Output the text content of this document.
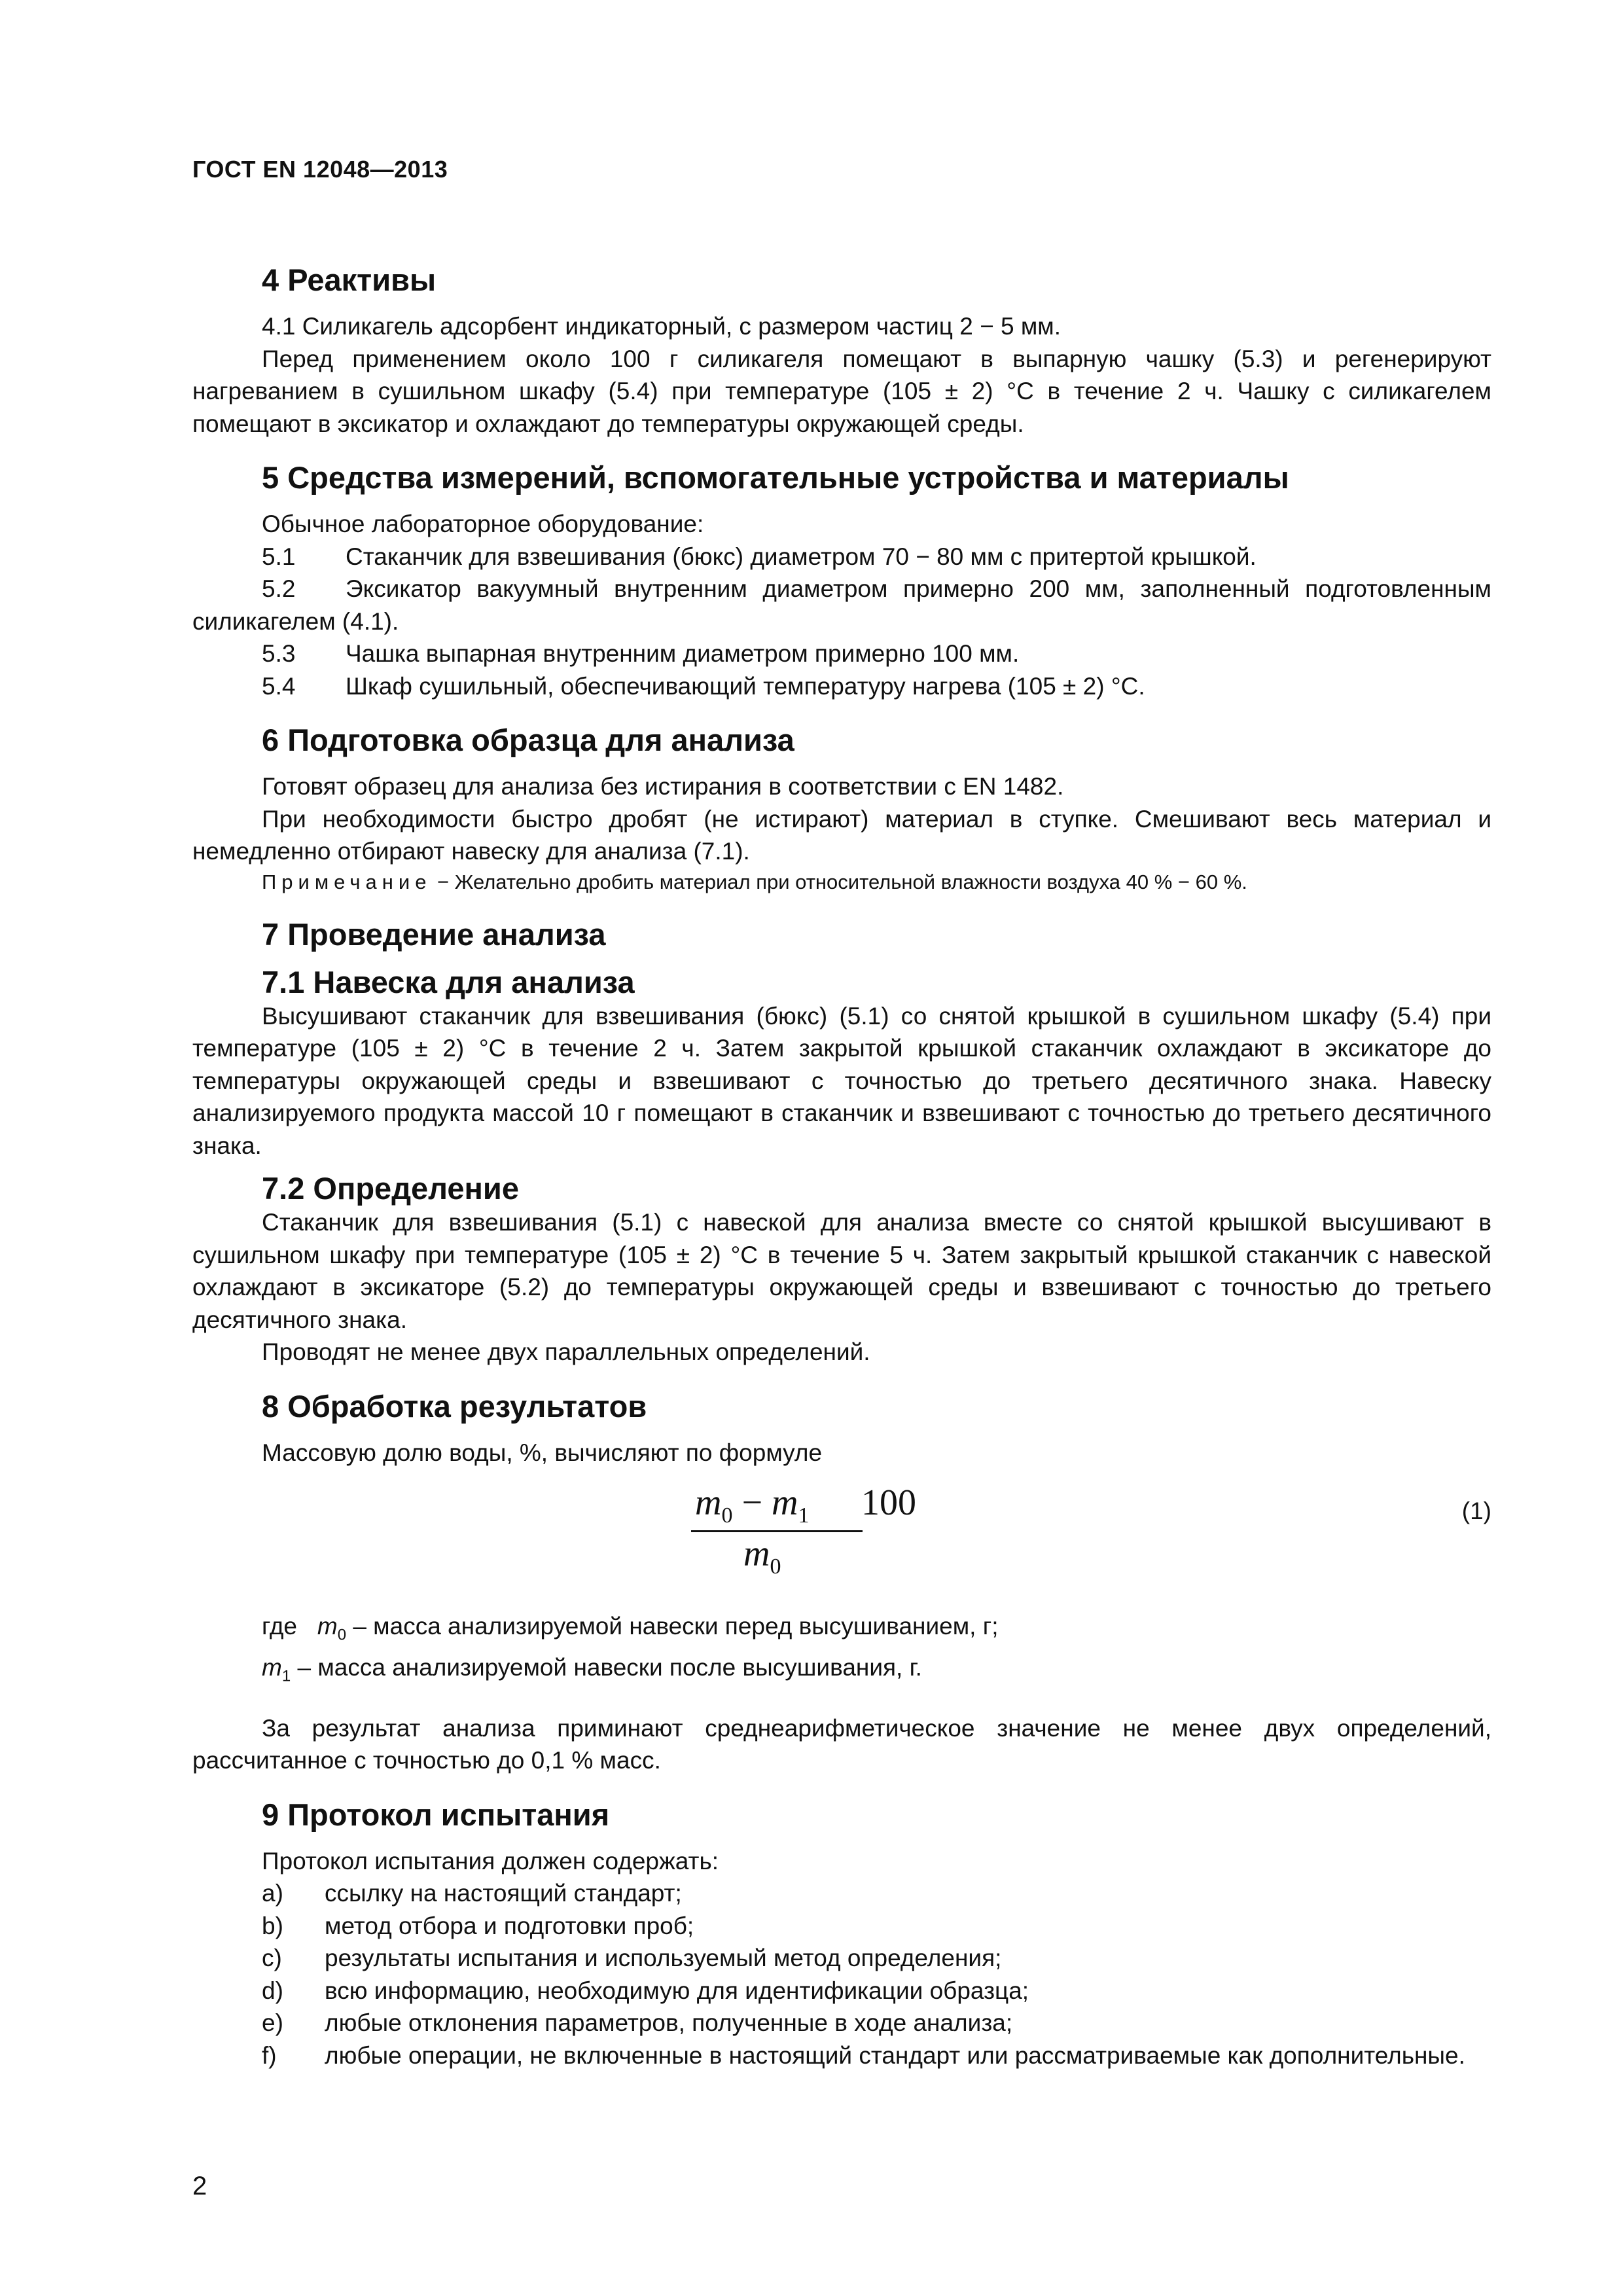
ГОСТ EN 12048—2013
4 Реактивы

4.1 Силикагель адсорбент индикаторный, с размером частиц 2 − 5 мм.

Перед применением около 100 г силикагеля помещают в выпарную чашку (5.3) и регенерируют нагреванием в сушильном шкафу (5.4) при температуре (105 ± 2) °С в течение 2 ч. Чашку с силикагелем помещают в эксикатор и охлаждают до температуры окружающей среды.

5 Средства измерений, вспомогательные устройства и материалы

Обычное лабораторное оборудование:

5.1 Стаканчик для взвешивания (бюкс) диаметром 70 − 80 мм с притертой крышкой.

5.2 Эксикатор вакуумный внутренним диаметром примерно 200 мм, заполненный подготовленным силикагелем (4.1).

5.3 Чашка выпарная внутренним диаметром примерно 100 мм.

5.4 Шкаф сушильный, обеспечивающий температуру нагрева (105 ± 2) °С.

6 Подготовка образца для анализа

Готовят образец для анализа без истирания в соответствии с EN 1482.

При необходимости быстро дробят (не истирают) материал в ступке. Смешивают весь материал и немедленно отбирают навеску для анализа (7.1).

Примечание − Желательно дробить материал при относительной влажности воздуха 40 % − 60 %.

7 Проведение анализа
7.1 Навеска для анализа

Высушивают стаканчик для взвешивания (бюкс) (5.1) со снятой крышкой в сушильном шкафу (5.4) при температуре (105 ± 2) °С в течение 2 ч. Затем закрытой крышкой стаканчик охлаждают в эксикаторе до температуры окружающей среды и взвешивают с точностью до третьего десятичного знака. Навеску анализируемого продукта массой 10 г помещают в стаканчик и взвешивают с точностью до третьего десятичного знака.

7.2 Определение

Стаканчик для взвешивания (5.1) с навеской для анализа вместе со снятой крышкой высушивают в сушильном шкафу при температуре (105 ± 2) °С в течение 5 ч. Затем закрытый крышкой стаканчик с навеской охлаждают в эксикаторе (5.2) до температуры окружающей среды и взвешивают с точностью до третьего десятичного знака.

Проводят не менее двух параллельных определений.

8 Обработка результатов

Массовую долю воды, %, вычисляют по формуле

$m_0 - m_1$ 100
$m_0$
(1)

где $m_0$ – масса анализируемой навески перед высушиванием, г;

$m_1$ – масса анализируемой навески после высушивания, г.

За результат анализа приминают среднеарифметическое значение не менее двух определений, рассчитанное с точностью до 0,1 % масс.

9 Протокол испытания

Протокол испытания должен содержать:

a) ссылку на настоящий стандарт;

b) метод отбора и подготовки проб;

c) результаты испытания и используемый метод определения;

d) всю информацию, необходимую для идентификации образца;

e) любые отклонения параметров, полученные в ходе анализа;

f) любые операции, не включенные в настоящий стандарт или рассматриваемые как дополнительные.

2
